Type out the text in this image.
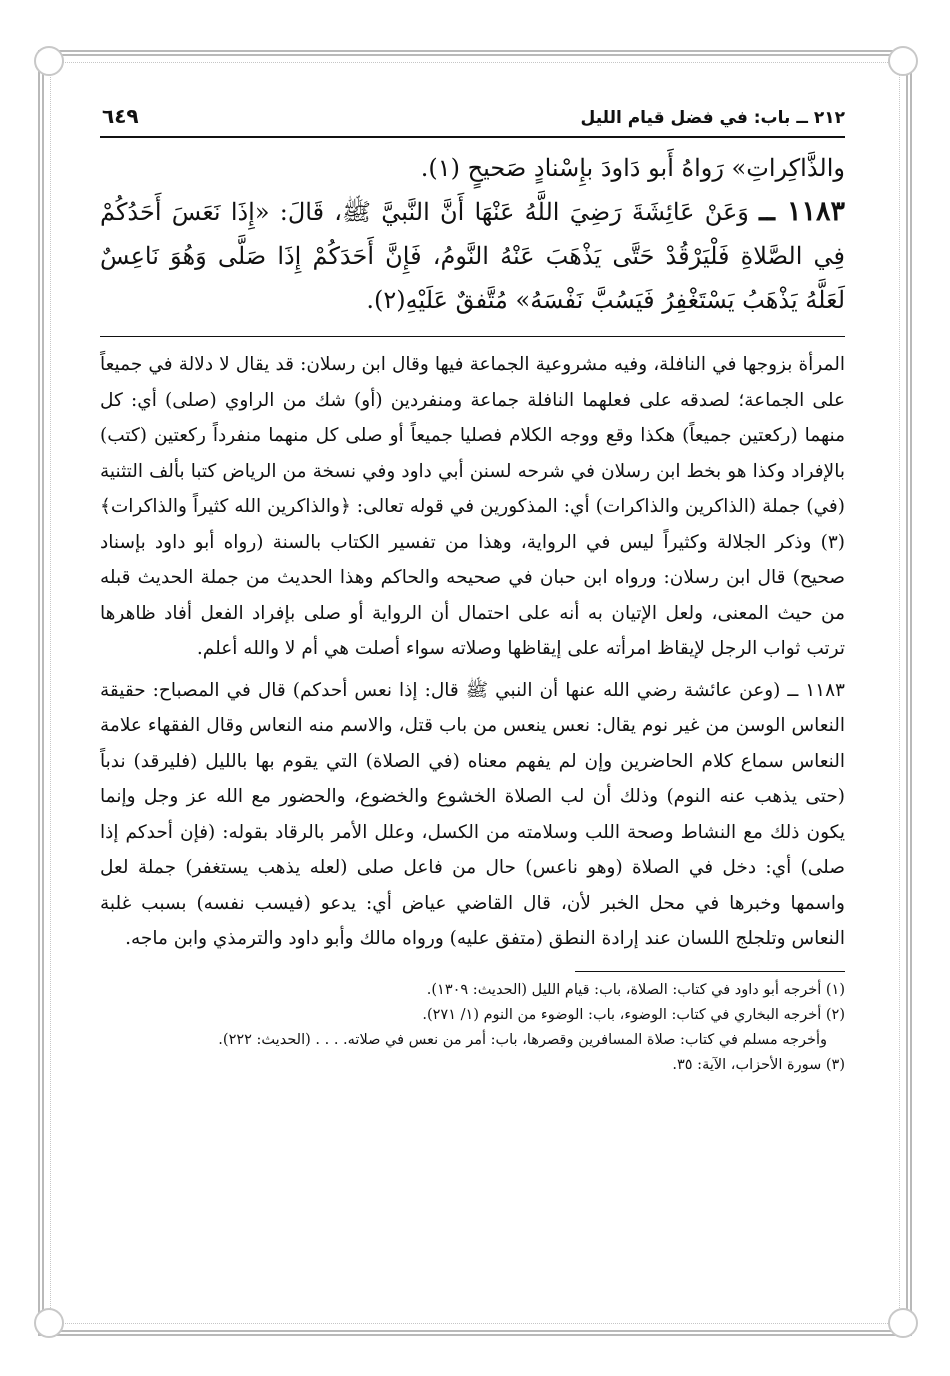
٢١٢ ــ باب: في فضل قيام الليل
٦٤٩

والذَّاكِراتِ» رَواهُ أَبو دَاودَ بإِسْنادٍ صَحيحٍ (١).

١١٨٣ ــ وَعَنْ عَائِشَةَ رَضِيَ اللَّهُ عَنْهَا أَنَّ النَّبيَّ ﷺ، قَالَ: «إِذَا نَعَسَ أَحَدُكُمْ فِي الصَّلاةِ فَلْيَرْقُدْ حَتَّى يَذْهَبَ عَنْهُ النَّومُ، فَإِنَّ أَحَدَكُمْ إِذَا صَلَّى وَهُوَ نَاعِسٌ لَعَلَّهُ يَذْهَبُ يَسْتَغْفِرُ فَيَسُبَّ نَفْسَهُ» مُتَّفقٌ عَلَيْهِ(٢).

المرأة بزوجها في النافلة، وفيه مشروعية الجماعة فيها وقال ابن رسلان: قد يقال لا دلالة في جميعاً على الجماعة؛ لصدقه على فعلهما النافلة جماعة ومنفردين (أو) شك من الراوي (صلى) أي: كل منهما (ركعتين جميعاً) هكذا وقع ووجه الكلام فصليا جميعاً أو صلى كل منهما منفرداً ركعتين (كتب) بالإفراد وكذا هو بخط ابن رسلان في شرحه لسنن أبي داود وفي نسخة من الرياض كتبا بألف التثنية (في) جملة (الذاكرين والذاكرات) أي: المذكورين في قوله تعالى: ﴿والذاكرين الله كثيراً والذاكرات﴾(٣) وذكر الجلالة وكثيراً ليس في الرواية، وهذا من تفسير الكتاب بالسنة (رواه أبو داود بإسناد صحيح) قال ابن رسلان: ورواه ابن حبان في صحيحه والحاكم وهذا الحديث من جملة الحديث قبله من حيث المعنى، ولعل الإتيان به أنه على احتمال أن الرواية أو صلى بإفراد الفعل أفاد ظاهرها ترتب ثواب الرجل لإيقاظ امرأته على إيقاظها وصلاته سواء أصلت هي أم لا والله أعلم.

١١٨٣ ــ (وعن عائشة رضي الله عنها أن النبي ﷺ قال: إذا نعس أحدكم) قال في المصباح: حقيقة النعاس الوسن من غير نوم يقال: نعس ينعس من باب قتل، والاسم منه النعاس وقال الفقهاء علامة النعاس سماع كلام الحاضرين وإن لم يفهم معناه (في الصلاة) التي يقوم بها بالليل (فليرقد) ندباً (حتى يذهب عنه النوم) وذلك أن لب الصلاة الخشوع والخضوع، والحضور مع الله عز وجل وإنما يكون ذلك مع النشاط وصحة اللب وسلامته من الكسل، وعلل الأمر بالرقاد بقوله: (فإن أحدكم إذا صلى) أي: دخل في الصلاة (وهو ناعس) حال من فاعل صلى (لعله يذهب يستغفر) جملة لعل واسمها وخبرها في محل الخبر لأن، قال القاضي عياض أي: يدعو (فيسب نفسه) بسبب غلبة النعاس وتلجلج اللسان عند إرادة النطق (متفق عليه) ورواه مالك وأبو داود والترمذي وابن ماجه.

(١) أخرجه أبو داود في كتاب: الصلاة، باب: قيام الليل (الحديث: ١٣٠٩).

(٢) أخرجه البخاري في كتاب: الوضوء، باب: الوضوء من النوم (١/ ٢٧١).

وأخرجه مسلم في كتاب: صلاة المسافرين وقصرها، باب: أمر من نعس في صلاته. . . . (الحديث: ٢٢٢).

(٣) سورة الأحزاب، الآية: ٣٥.
